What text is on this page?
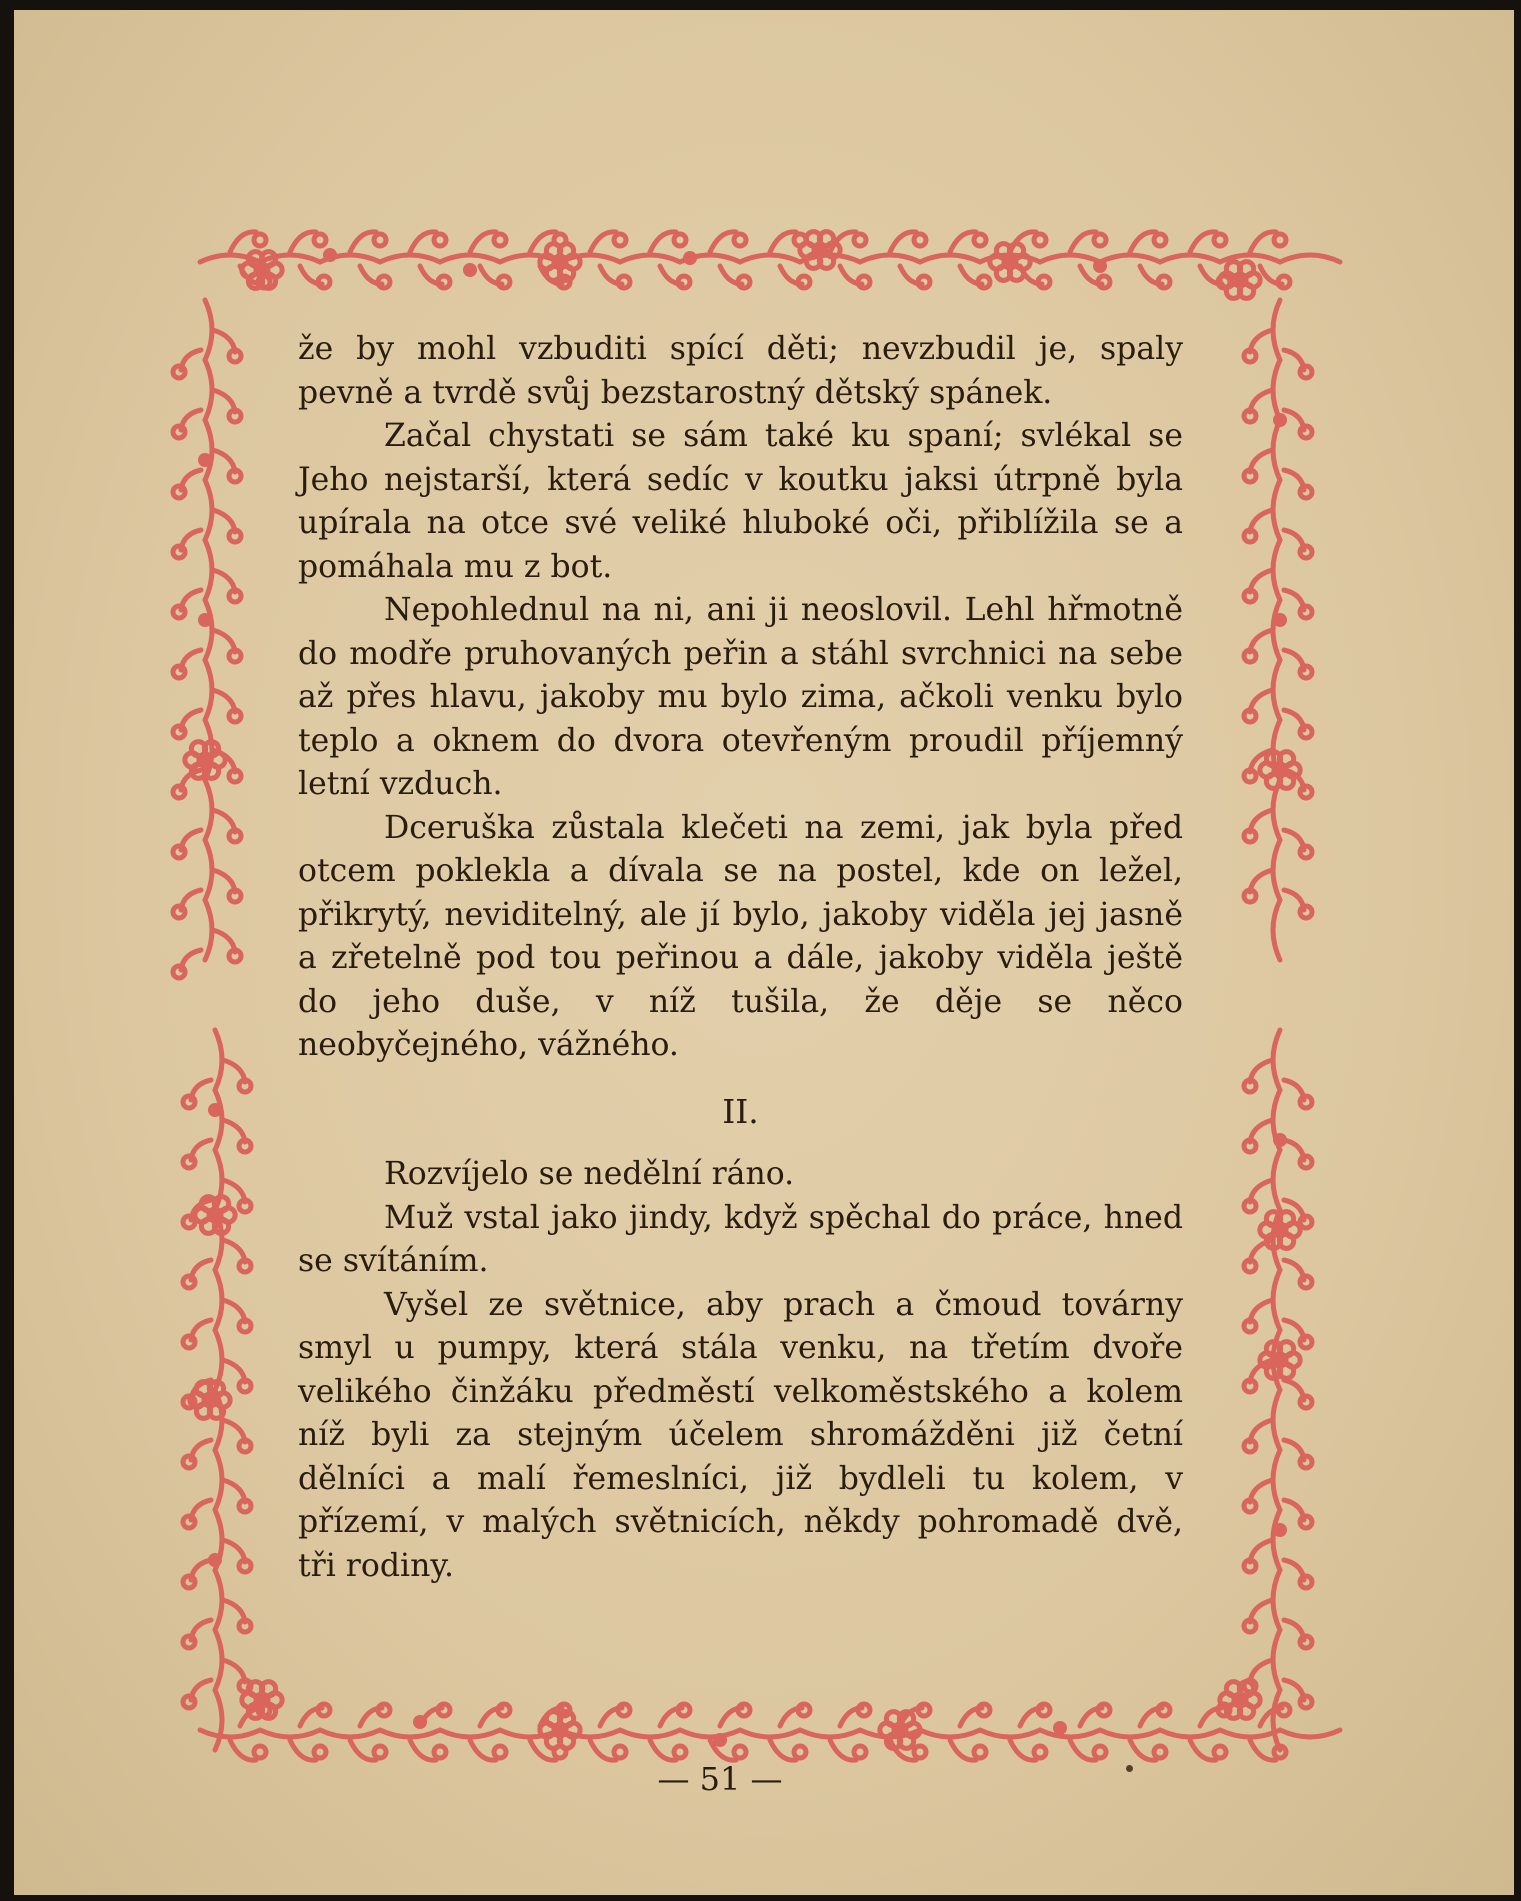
že by mohl vzbuditi spící děti; nevzbudil je, spaly pevně a tvrdě svůj bezstarostný dětský spánek.

Začal chystati se sám také ku spaní; svlékal se Jeho nejstarší, která sedíc v koutku jaksi útrpně byla upírala na otce své veliké hluboké oči, přiblížila se a pomáhala mu z bot.

Nepohlednul na ni, ani ji neoslovil. Lehl hřmotně do modře pruhovaných peřin a stáhl svrchnici na sebe až přes hlavu, jakoby mu bylo zima, ačkoli venku bylo teplo a oknem do dvora otevřeným proudil příjemný letní vzduch.

Dceruška zůstala klečeti na zemi, jak byla před otcem poklekla a dívala se na postel, kde on ležel, přikrytý, neviditelný, ale jí bylo, jakoby viděla jej jasně a zřetelně pod tou peřinou a dále, jakoby viděla ještě do jeho duše, v níž tušila, že děje se něco neobyčejného, vážného.

II.

Rozvíjelo se nedělní ráno.

Muž vstal jako jindy, když spěchal do práce, hned se svítáním.

Vyšel ze světnice, aby prach a čmoud továrny smyl u pumpy, která stála venku, na třetím dvoře velikého činžáku předměstí velkoměstského a kolem níž byli za stejným účelem shromážděni již četní dělníci a malí řemeslníci, již bydleli tu kolem, v přízemí, v malých světnicích, někdy pohromadě dvě, tři rodiny.

— 51 —
